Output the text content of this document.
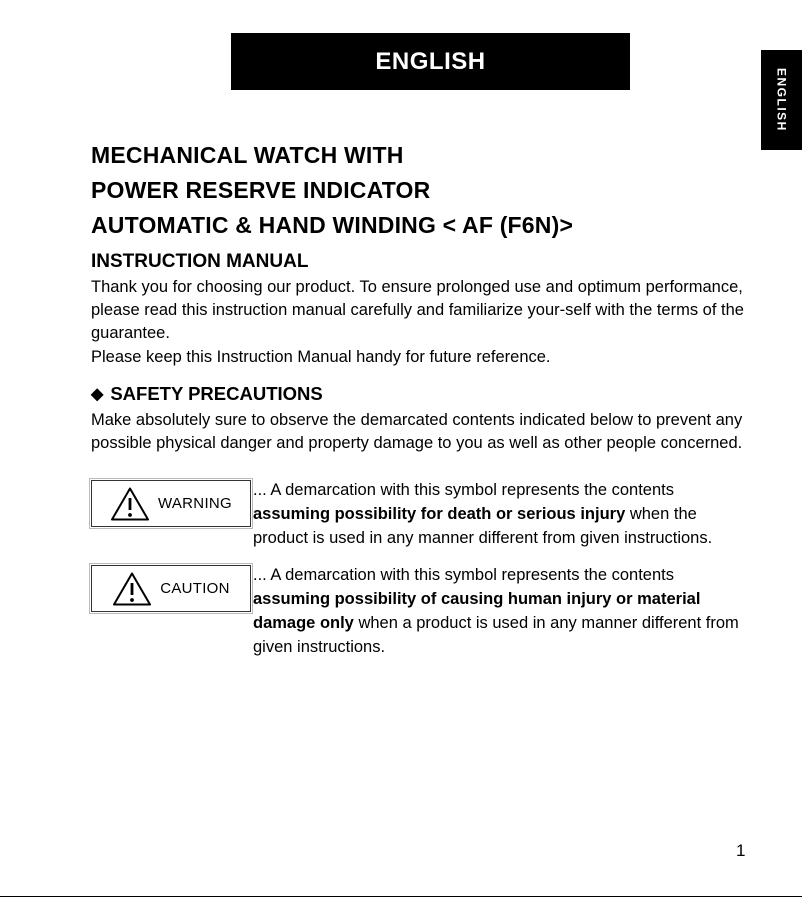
ENGLISH
ENGLISH
MECHANICAL WATCH WITH
POWER RESERVE INDICATOR
AUTOMATIC & HAND WINDING < AF (F6N)>
INSTRUCTION MANUAL
Thank you for choosing our product. To ensure prolonged use and optimum performance, please read this instruction manual carefully and familiarize your-self with the terms of the guarantee.
Please keep this Instruction Manual handy for future reference.
◆ SAFETY PRECAUTIONS

Make absolutely sure to observe the demarcated contents indicated below to prevent any possible physical danger and property damage to you as well as other people concerned.

WARNING
... A demarcation with this symbol represents the contents assuming possibility for death or serious injury when the product is used in any manner different from given instructions.
CAUTION
... A demarcation with this symbol represents the contents assuming possibility of causing human injury or material damage only when a product is used in any manner different from given instructions.
1
